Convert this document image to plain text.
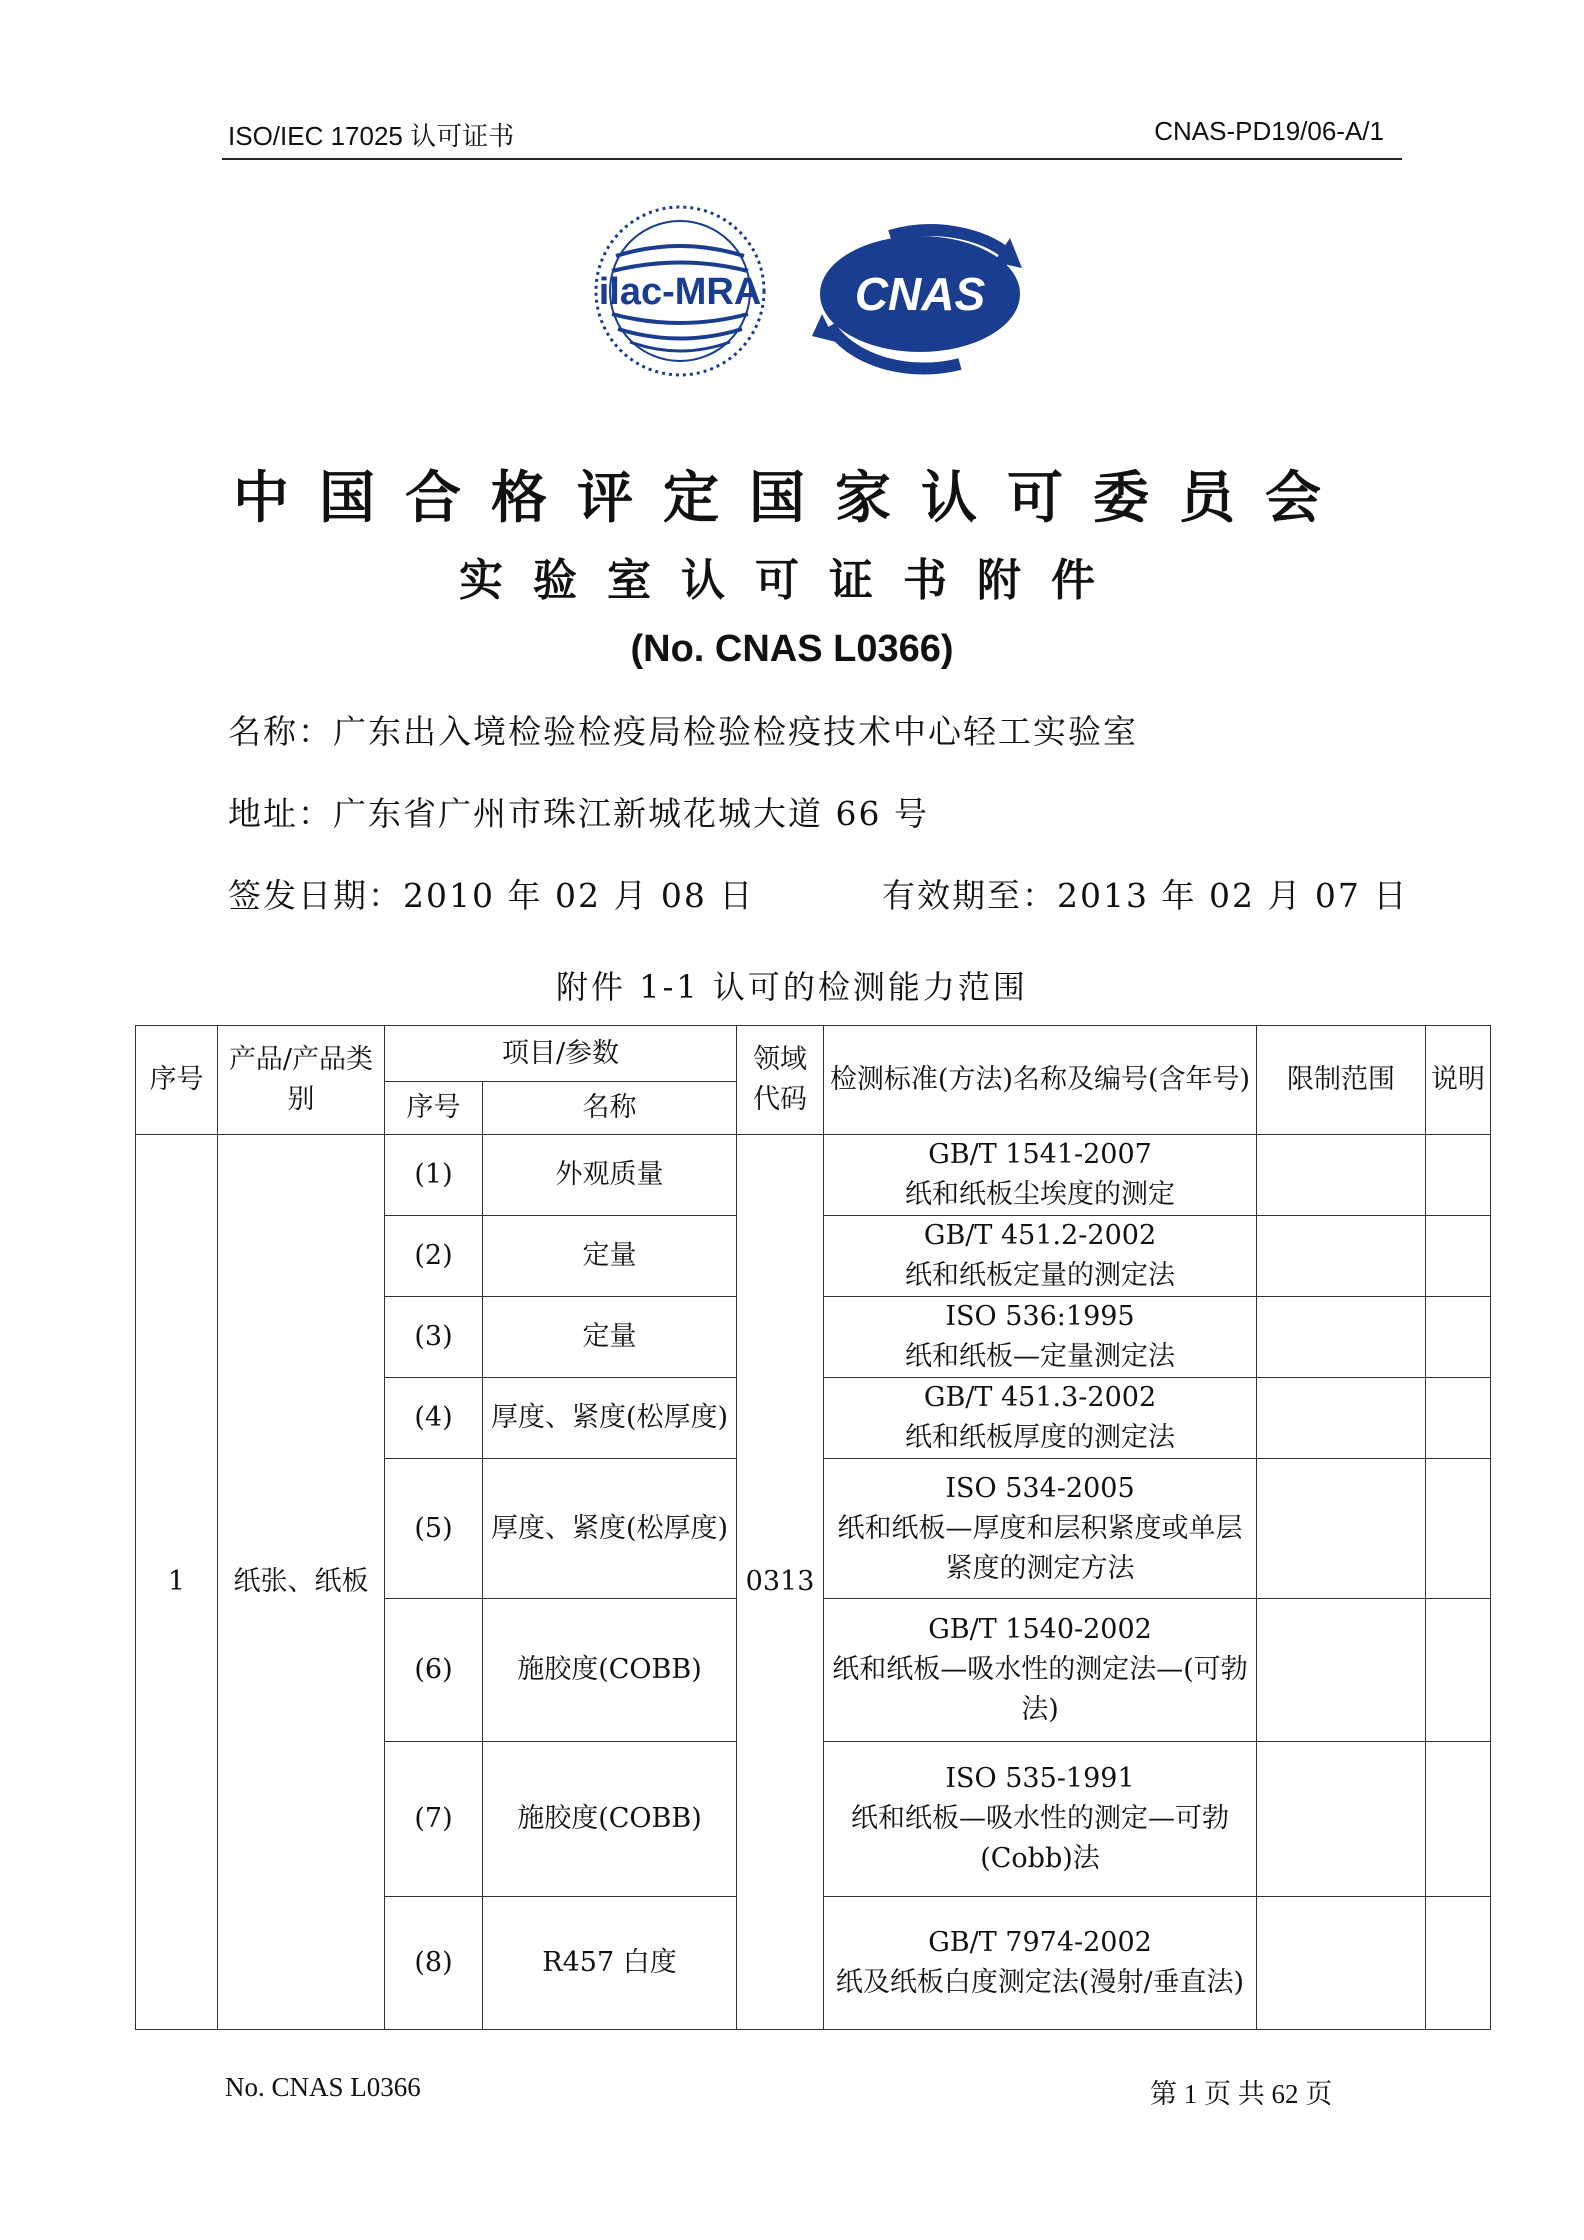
ISO/IEC 17025 认可证书	CNAS-PD19/06-A/1
ilac-MRA CNAS
中国合格评定国家认可委员会
实验室认可证书附件
(No. CNAS L0366)
名称：广东出入境检验检疫局检验检疫技术中心轻工实验室
地址：广东省广州市珠江新城花城大道 66 号
签发日期：2010 年 02 月 08 日	有效期至：2013 年 02 月 07 日
附件 1-1 认可的检测能力范围
序号	产品/产品类别	项目/参数		领域代码	检测标准(方法)名称及编号(含年号)	限制范围	说明
		序号	名称				
1	纸张、纸板	(1)	外观质量	0313	GB/T 1541-2007
纸和纸板尘埃度的测定		

		(2)	定量		GB/T 451.2-2002
纸和纸板定量的测定法		

		(3)	定量		ISO 536:1995
纸和纸板—定量测定法		

		(4)	厚度、紧度(松厚度)		GB/T 451.3-2002
纸和纸板厚度的测定法		

		(5)	厚度、紧度(松厚度)		ISO 534-2005
纸和纸板—厚度和层积紧度或单层紧度的测定方法		

		(6)	施胶度(COBB)		GB/T 1540-2002
纸和纸板—吸水性的测定法—(可勃法)		

		(7)	施胶度(COBB)		ISO 535-1991
纸和纸板—吸水性的测定—可勃(Cobb)法		

		(8)	R457 白度		GB/T 7974-2002
纸及纸板白度测定法(漫射/垂直法)		

No. CNAS L0366	第 1 页 共 62 页
